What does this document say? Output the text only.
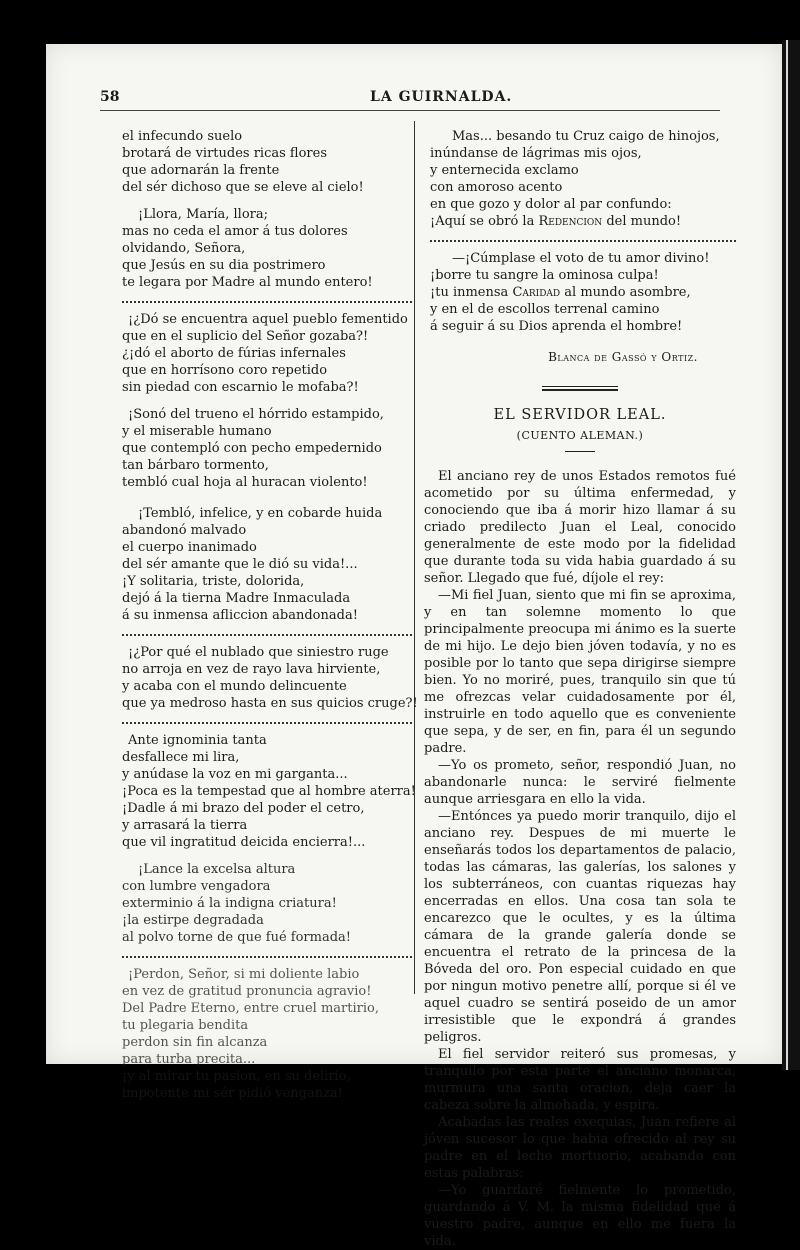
58	LA GUIRNALDA.
el infecundo suelo
brotará de virtudes ricas flores
que adornarán la frente
del sér dichoso que se eleve al cielo!
¡Llora, María, llora;
mas no ceda el amor á tus dolores
olvidando, Señora,
que Jesús en su dia postrimero
te legara por Madre al mundo entero!
¡¿Dó se encuentra aquel pueblo fementido
que en el suplicio del Señor gozaba?!
¿¡dó el aborto de fúrias infernales
que en horrísono coro repetido
sin piedad con escarnio le mofaba?!
¡Sonó del trueno el hórrido estampido,
y el miserable humano
que contempló con pecho empedernido
tan bárbaro tormento,
tembló cual hoja al huracan violento!
¡Tembló, infelice, y en cobarde huida
abandonó malvado
el cuerpo inanimado
del sér amante que le dió su vida!...
¡Y solitaria, triste, dolorida,
dejó á la tierna Madre Inmaculada
á su inmensa afliccion abandonada!
¡¿Por qué el nublado que siniestro ruge
no arroja en vez de rayo lava hirviente,
y acaba con el mundo delincuente
que ya medroso hasta en sus quicios cruge?!
Ante ignominia tanta
desfallece mi lira,
y anúdase la voz en mi garganta...
¡Poca es la tempestad que al hombre aterra!
¡Dadle á mi brazo del poder el cetro,
y arrasará la tierra
que vil ingratitud deicida encierra!...
¡Lance la excelsa altura
con lumbre vengadora
exterminio á la indigna criatura!
¡la estirpe degradada
al polvo torne de que fué formada!
¡Perdon, Señor, si mi doliente labio
en vez de gratitud pronuncia agravio!
Del Padre Eterno, entre cruel martirio,
tu plegaria bendita
perdon sin fin alcanza
para turba precita...
¡y al mirar tu pasion, en su delirio,
impotente mi sér pidió venganza!
Mas... besando tu Cruz caigo de hinojos,
inúndanse de lágrimas mis ojos,
y enternecida exclamo
con amoroso acento
en que gozo y dolor al par confundo:
¡Aquí se obró la Redencion del mundo!
—¡Cúmplase el voto de tu amor divino!
¡borre tu sangre la ominosa culpa!
¡tu inmensa Caridad al mundo asombre,
y en el de escollos terrenal camino
á seguir á su Dios aprenda el hombre!
Blanca de Gassó y Ortiz.
EL SERVIDOR LEAL.
(CUENTO ALEMAN.)

El anciano rey de unos Estados remotos fué acometido por su última enfermedad, y conociendo que iba á morir hizo llamar á su criado predilecto Juan el Leal, conocido generalmente de este modo por la fidelidad que durante toda su vida habia guardado á su señor. Llegado que fué, díjole el rey:

—Mi fiel Juan, siento que mi fin se aproxima, y en tan solemne momento lo que principalmente preocupa mi ánimo es la suerte de mi hijo. Le dejo bien jóven todavía, y no es posible por lo tanto que sepa dirigirse siempre bien. Yo no moriré, pues, tranquilo sin que tú me ofrezcas velar cuidadosamente por él, instruirle en todo aquello que es conveniente que sepa, y de ser, en fin, para él un segundo padre.

—Yo os prometo, señor, respondió Juan, no abandonarle nunca: le serviré fielmente aunque arriesgara en ello la vida.

—Entónces ya puedo morir tranquilo, dijo el anciano rey. Despues de mi muerte le enseñarás todos los departamentos de palacio, todas las cámaras, las galerías, los salones y los subterráneos, con cuantas riquezas hay encerradas en ellos. Una cosa tan sola te encarezco que le ocultes, y es la última cámara de la grande galería donde se encuentra el retrato de la princesa de la Bóveda del oro. Pon especial cuidado en que por ningun motivo penetre allí, porque si él ve aquel cuadro se sentirá poseido de un amor irresistible que le expondrá á grandes peligros.

El fiel servidor reiteró sus promesas, y tranquilo por esta parte el anciano monarca, murmura una santa oracion, deja caer la cabeza sobre la almohada, y espira.

Acabadas las reales exequias, Juan refiere al jóven sucesor lo que habia ofrecido al rey su padre en el lecho mortuorio, acabando con estas palabras:

—Yo guardaré fielmente lo prometido, guardando á V. M. la misma fidelidad que á vuestro padre, aunque en ello me fuera la vida.
